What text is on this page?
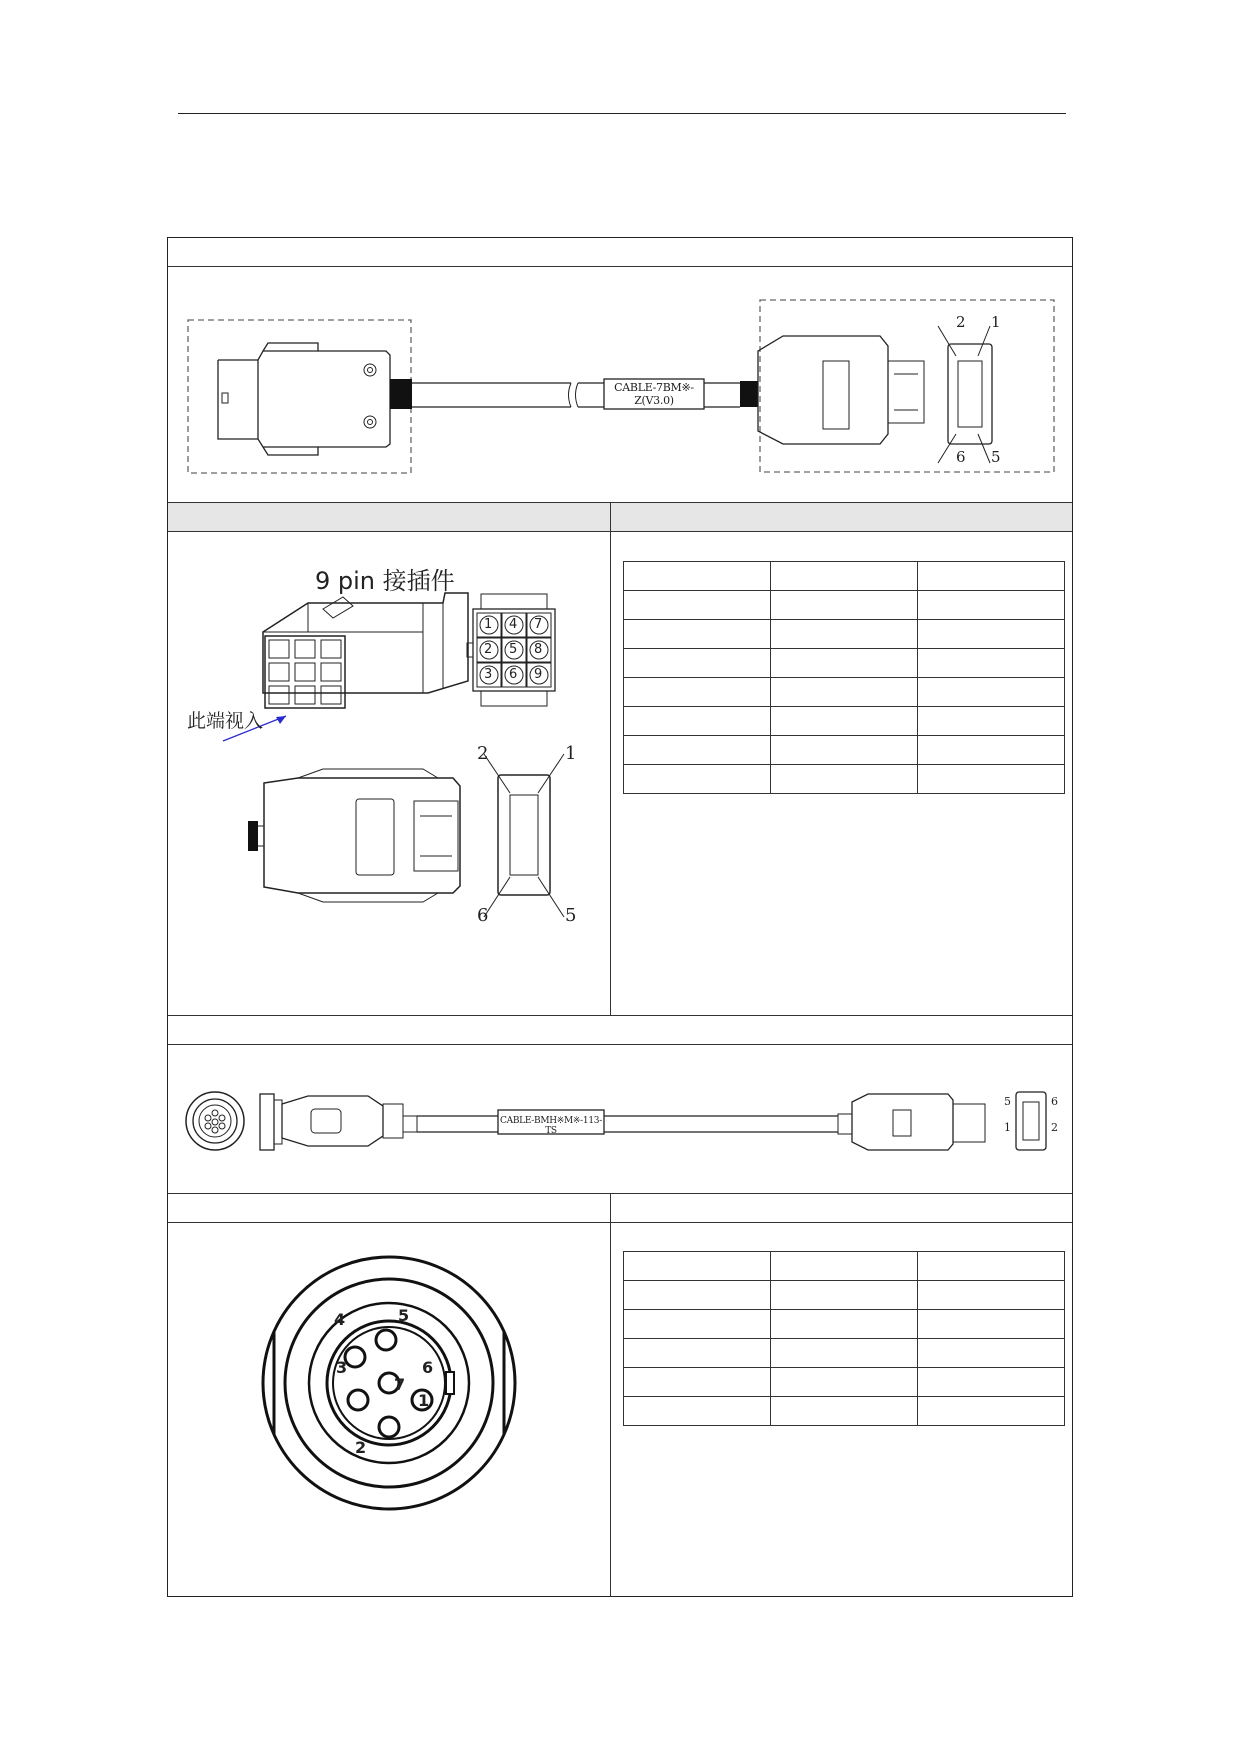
CABLE-7BM※-Z(V3.0)
2 1
6 5
9 pin 接插件
此端视入
1 4 7
2 5 8
3 6 9
2	1
6	5

CABLE-BMH※M※-113-TS
5	6
1	2
1
2
3
4	5
6
7
